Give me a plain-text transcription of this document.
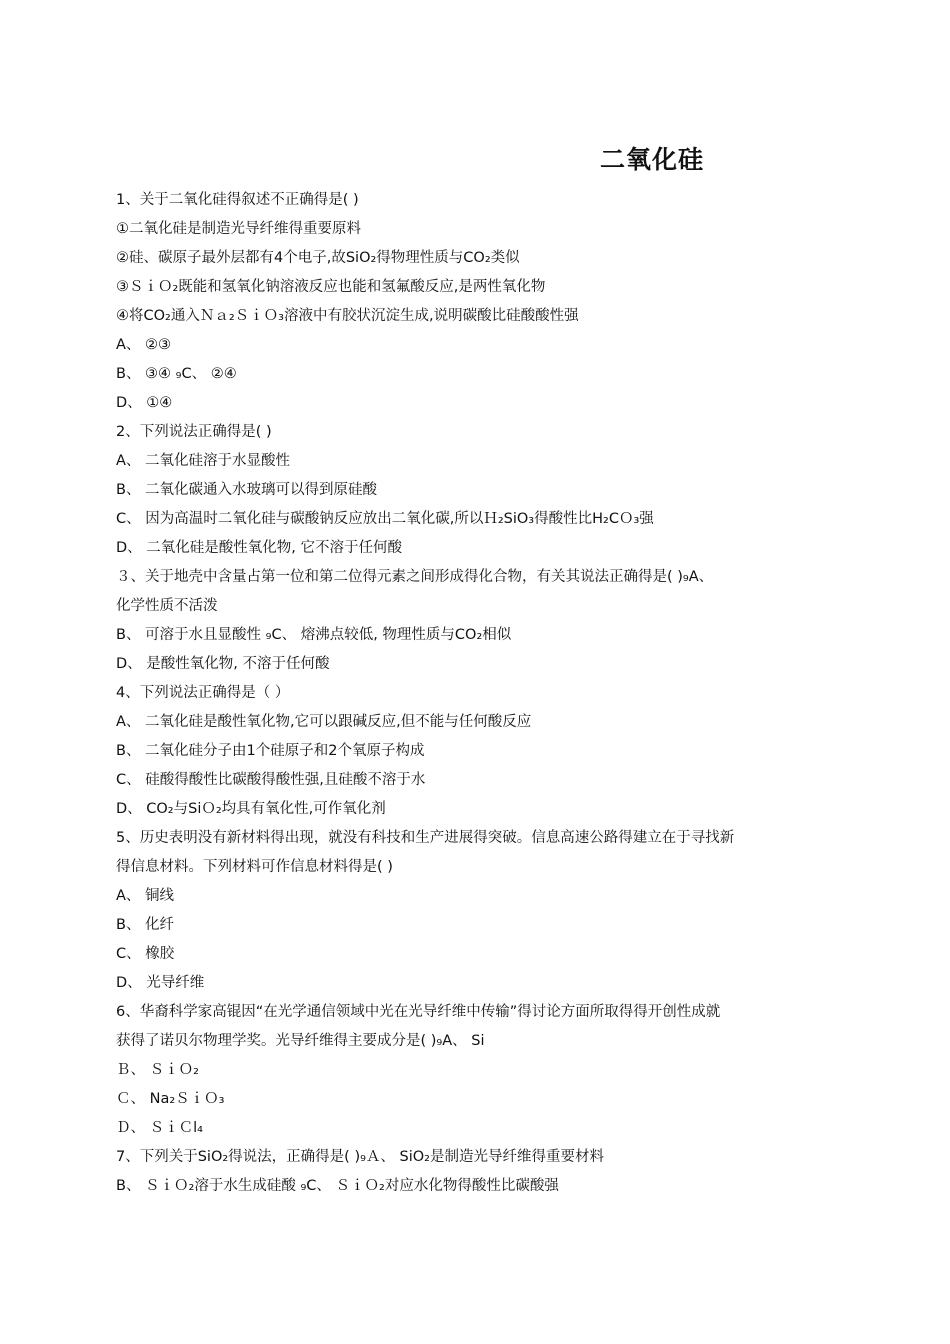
二氧化硅
1、关于二氧化硅得叙述不正确得是( )
①二氧化硅是制造光导纤维得重要原料
②硅、碳原子最外层都有4个电子,故SiO₂得物理性质与CO₂类似
③ＳｉＯ₂既能和氢氧化钠溶液反应也能和氢氟酸反应,是两性氧化物
④将CO₂通入Ｎａ₂ＳｉＯ₃溶液中有胶状沉淀生成,说明碳酸比硅酸酸性强
A、 ②③
B、 ③④ ₉C、 ②④
D、 ①④
2、下列说法正确得是( )
A、 二氧化硅溶于水显酸性
B、 二氧化碳通入水玻璃可以得到原硅酸
C、 因为高温时二氧化硅与碳酸钠反应放出二氧化碳,所以Ｈ₂SiO₃得酸性比H₂CＯ₃强
D、 二氧化硅是酸性氧化物, 它不溶于任何酸
３、关于地壳中含量占第一位和第二位得元素之间形成得化合物，有关其说法正确得是( )₉A、
化学性质不活泼
B、 可溶于水且显酸性 ₉C、 熔沸点较低, 物理性质与CO₂相似
D、 是酸性氧化物, 不溶于任何酸
4、下列说法正确得是（ ）
A、 二氧化硅是酸性氧化物,它可以跟碱反应,但不能与任何酸反应
B、 二氧化硅分子由1个硅原子和2个氧原子构成
C、 硅酸得酸性比碳酸得酸性强,且硅酸不溶于水
D、 CO₂与SiＯ₂均具有氧化性,可作氧化剂
5、历史表明没有新材料得出现，就没有科技和生产进展得突破。信息高速公路得建立在于寻找新
得信息材料。下列材料可作信息材料得是( )
A、 铜线
B、 化纤
C、 橡胶
D、 光导纤维
6、华裔科学家高锟因“在光学通信领域中光在光导纤维中传输”得讨论方面所取得得开创性成就
获得了诺贝尔物理学奖。光导纤维得主要成分是( )₉A、 Si
Ｂ、 ＳｉＯ₂
Ｃ、 Na₂ＳｉＯ₃
Ｄ、 ＳｉＣl₄
7、下列关于SiO₂得说法，正确得是( )₉Ａ、 SiO₂是制造光导纤维得重要材料
B、 ＳｉＯ₂溶于水生成硅酸 ₉C、 ＳｉＯ₂对应水化物得酸性比碳酸强
